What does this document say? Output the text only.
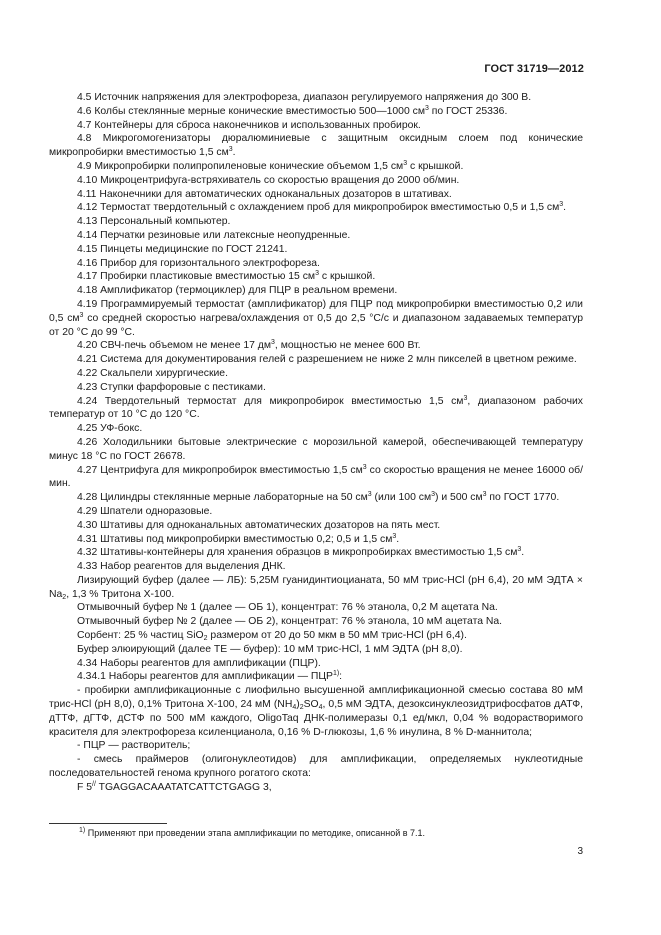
ГОСТ 31719—2012

4.5 Источник напряжения для электрофореза, диапазон регулируемого напряжения до 300 В.

4.6 Колбы стеклянные мерные конические вместимостью 500—1000 $см^3$ по ГОСТ 25336.

4.7 Контейнеры для сброса наконечников и использованных пробирок.

4.8 Микрогомогенизаторы дюралюминиевые с защитным оксидным слоем под конические микропробирки вместимостью 1,5 $см^3$.

4.9 Микропробирки полипропиленовые конические объемом 1,5 $см^3$ с крышкой.

4.10 Микроцентрифуга-встряхиватель со скоростью вращения до 2000 об/мин.

4.11 Наконечники для автоматических одноканальных дозаторов в штативах.

4.12 Термостат твердотельный с охлаждением проб для микропробирок вместимостью 0,5 и 1,5 $см^3$.

4.13 Персональный компьютер.

4.14 Перчатки резиновые или латексные неопудренные.

4.15 Пинцеты медицинские по ГОСТ 21241.

4.16 Прибор для горизонтального электрофореза.

4.17 Пробирки пластиковые вместимостью 15 $см^3$ с крышкой.

4.18 Амплификатор (термоциклер) для ПЦР в реальном времени.

4.19 Программируемый термостат (амплификатор) для ПЦР под микропробирки вместимостью 0,2 или 0,5 $см^3$ со средней скоростью нагрева/охлаждения от 0,5 до 2,5 °С/с и диапазоном задаваемых температур от 20 °С до 99 °С.

4.20 СВЧ-печь объемом не менее 17 $дм^3$, мощностью не менее 600 Вт.

4.21 Система для документирования гелей с разрешением не ниже 2 млн пикселей в цветном режиме.

4.22 Скальпели хирургические.

4.23 Ступки фарфоровые с пестиками.

4.24 Твердотельный термостат для микропробирок вместимостью 1,5 $см^3$, диапазоном рабочих температур от 10 °С до 120 °С.

4.25 УФ-бокс.

4.26 Холодильники бытовые электрические с морозильной камерой, обеспечивающей температуру минус 18 °С по ГОСТ 26678.

4.27 Центрифуга для микропробирок вместимостью 1,5 $см^3$ со скоростью вращения не менее 16000 об/мин.

4.28 Цилиндры стеклянные мерные лабораторные на 50 $см^3$ (или 100 $см^3$) и 500 $см^3$ по ГОСТ 1770.

4.29 Шпатели одноразовые.

4.30 Штативы для одноканальных автоматических дозаторов на пять мест.

4.31 Штативы под микропробирки вместимостью 0,2; 0,5 и 1,5 $см^3$.

4.32 Штативы-контейнеры для хранения образцов в микропробирках вместимостью 1,5 $см^3$.

4.33 Набор реагентов для выделения ДНК.

Лизирующий буфер (далее — ЛБ): 5,25М гуанидинтиоцианата, 50 мМ трис-HCl (рН 6,4), 20 мМ ЭДТА × $Na_2$, 1,3 % Тритона Х-100.

Отмывочный буфер № 1 (далее — ОБ 1), концентрат: 76 % этанола, 0,2 М ацетата Na.

Отмывочный буфер № 2 (далее — ОБ 2), концентрат: 76 % этанола, 10 мМ ацетата Na.

Сорбент: 25 % частиц SiO$_2$ размером от 20 до 50 мкм в 50 мМ трис-HCl (рН 6,4).

Буфер элюирующий (далее ТЕ — буфер): 10 мМ трис-HCl, 1 мМ ЭДТА (рН 8,0).

4.34 Наборы реагентов для амплификации (ПЦР).

4.34.1 Наборы реагентов для амплификации — ПЦР$^{1)}$:

- пробирки амплификационные с лиофильно высушенной амплификационной смесью состава 80 мМ трис-HCl (рН 8,0), 0,1% Тритона Х-100, 24 мМ $(NH_4)_2SO_4$, 0,5 мМ ЭДТА, дезоксинуклеозидтрифосфатов дАТФ, дТТФ, дГТФ, дСТФ по 500 мМ каждого, OligoTaq ДНК-полимеразы 0,1 ед/мкл, 0,04 % водорастворимого красителя для электрофореза ксиленцианола, 0,16 % D-глюкозы, 1,6 % инулина, 8 % D-маннитола;

- ПЦР — растворитель;

- смесь праймеров (олигонуклеотидов) для амплификации, определяемых нуклеотидные последовательностей генома крупного рогатого скота:

F 5// TGAGGACAAATATCATTCTGAGG 3,

$^{1)}$ Применяют при проведении этапа амплификации по методике, описанной в 7.1.
3
